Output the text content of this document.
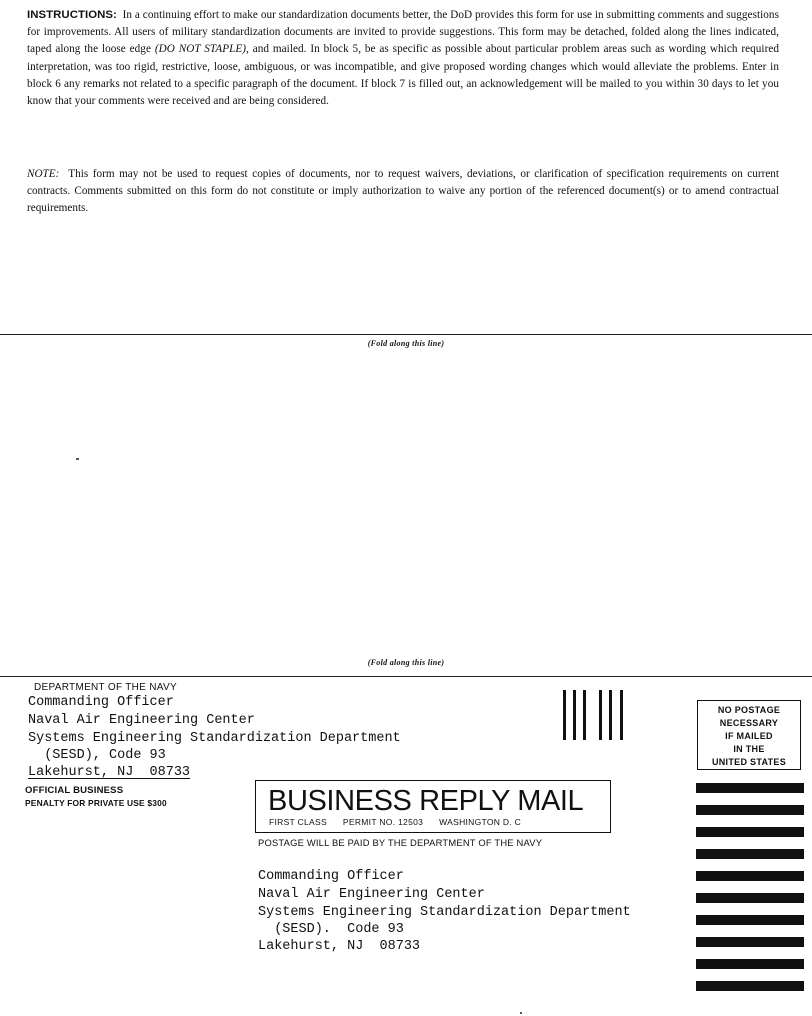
INSTRUCTIONS: In a continuing effort to make our standardization documents better, the DoD provides this form for use in submitting comments and suggestions for improvements. All users of military standardization documents are invited to provide suggestions. This form may be detached, folded along the lines indicated, taped along the loose edge (DO NOT STAPLE), and mailed. In block 5, be as specific as possible about particular problem areas such as wording which required interpretation, was too rigid, restrictive, loose, ambiguous, or was incompatible, and give proposed wording changes which would alleviate the problems. Enter in block 6 any remarks not related to a specific paragraph of the document. If block 7 is filled out, an acknowledgement will be mailed to you within 30 days to let you know that your comments were received and are being considered.

NOTE: This form may not be used to request copies of documents, nor to request waivers, deviations, or clarification of specification requirements on current contracts. Comments submitted on this form do not constitute or imply authorization to waive any portion of the referenced document(s) or to amend contractual requirements.

(Fold along this line)
(Fold along this line)
DEPARTMENT OF THE NAVY
Commanding Officer
Naval Air Engineering Center
Systems Engineering Standardization Department
(SESD), Code 93
Lakehurst, NJ  08733
OFFICIAL BUSINESS
PENALTY FOR PRIVATE USE $300
NO POSTAGE
NECESSARY
IF MAILED
IN THE
UNITED STATES
BUSINESS REPLY MAIL
FIRST CLASS PERMIT NO. 12503 WASHINGTON D. C
POSTAGE WILL BE PAID BY THE DEPARTMENT OF THE NAVY
Commanding Officer
Naval Air Engineering Center
Systems Engineering Standardization Department
(SESD).  Code 93
Lakehurst, NJ  08733
